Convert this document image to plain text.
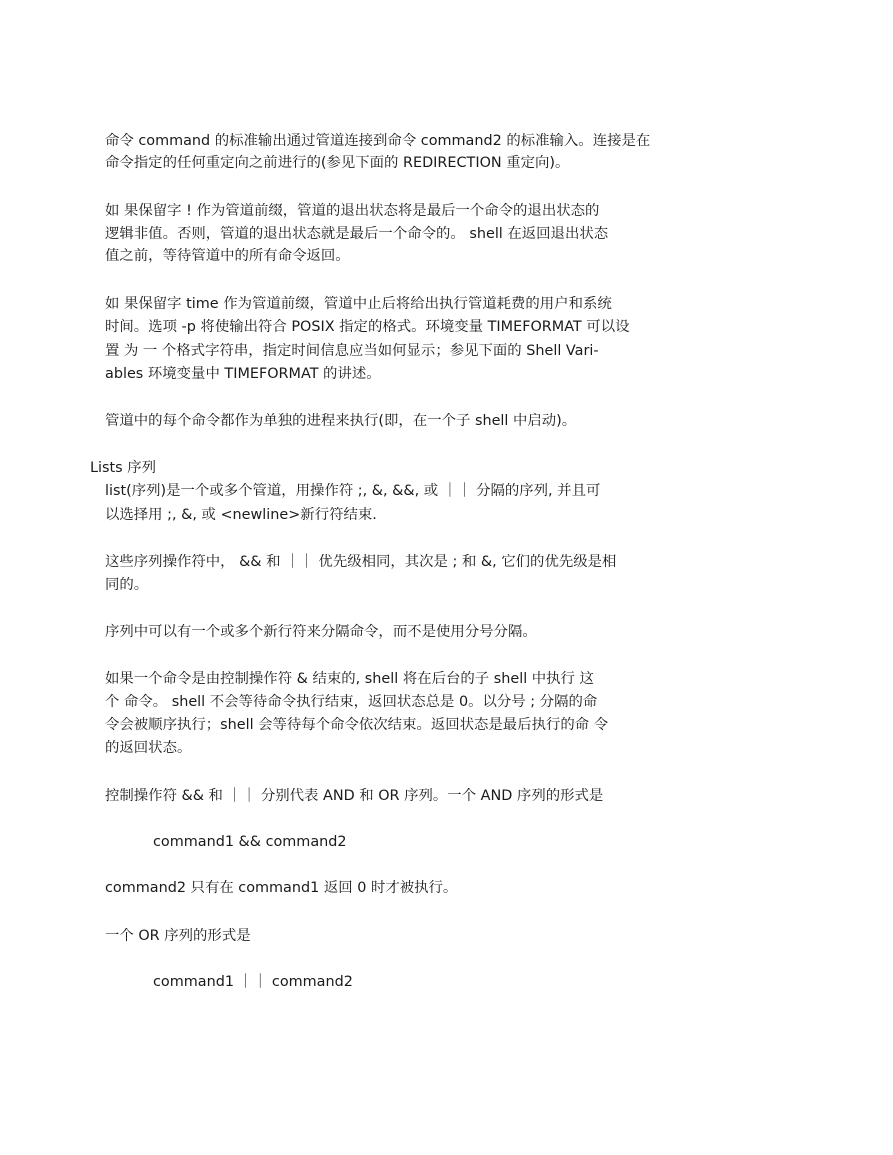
命令 command 的标准输出通过管道连接到命令 command2 的标准输入。连接是在
命令指定的任何重定向之前进行的(参见下面的 REDIRECTION 重定向)。
如 果保留字 ! 作为管道前缀，管道的退出状态将是最后一个命令的退出状态的
逻辑非值。否则，管道的退出状态就是最后一个命令的。 shell 在返回退出状态
值之前，等待管道中的所有命令返回。
如 果保留字 time 作为管道前缀，管道中止后将给出执行管道耗费的用户和系统
时间。选项 -p 将使输出符合 POSIX 指定的格式。环境变量 TIMEFORMAT 可以设
置 为 一 个格式字符串，指定时间信息应当如何显示；参见下面的 Shell Vari-
ables 环境变量中 TIMEFORMAT 的讲述。
管道中的每个命令都作为单独的进程来执行(即，在一个子 shell 中启动)。
Lists 序列
list(序列)是一个或多个管道，用操作符 ;, &, &&, 或 ｜｜ 分隔的序列, 并且可
以选择用 ;, &, 或 <newline>新行符结束.
这些序列操作符中， && 和 ｜｜ 优先级相同，其次是 ; 和 &, 它们的优先级是相
同的。
序列中可以有一个或多个新行符来分隔命令，而不是使用分号分隔。
如果一个命令是由控制操作符 & 结束的, shell 将在后台的子 shell 中执行 这
个 命令。 shell 不会等待命令执行结束，返回状态总是 0。以分号 ; 分隔的命
令会被顺序执行；shell 会等待每个命令依次结束。返回状态是最后执行的命 令
的返回状态。
控制操作符 && 和 ｜｜ 分别代表 AND 和 OR 序列。一个 AND 序列的形式是
command1 && command2
command2 只有在 command1 返回 0 时才被执行。
一个 OR 序列的形式是
command1 ｜｜ command2
